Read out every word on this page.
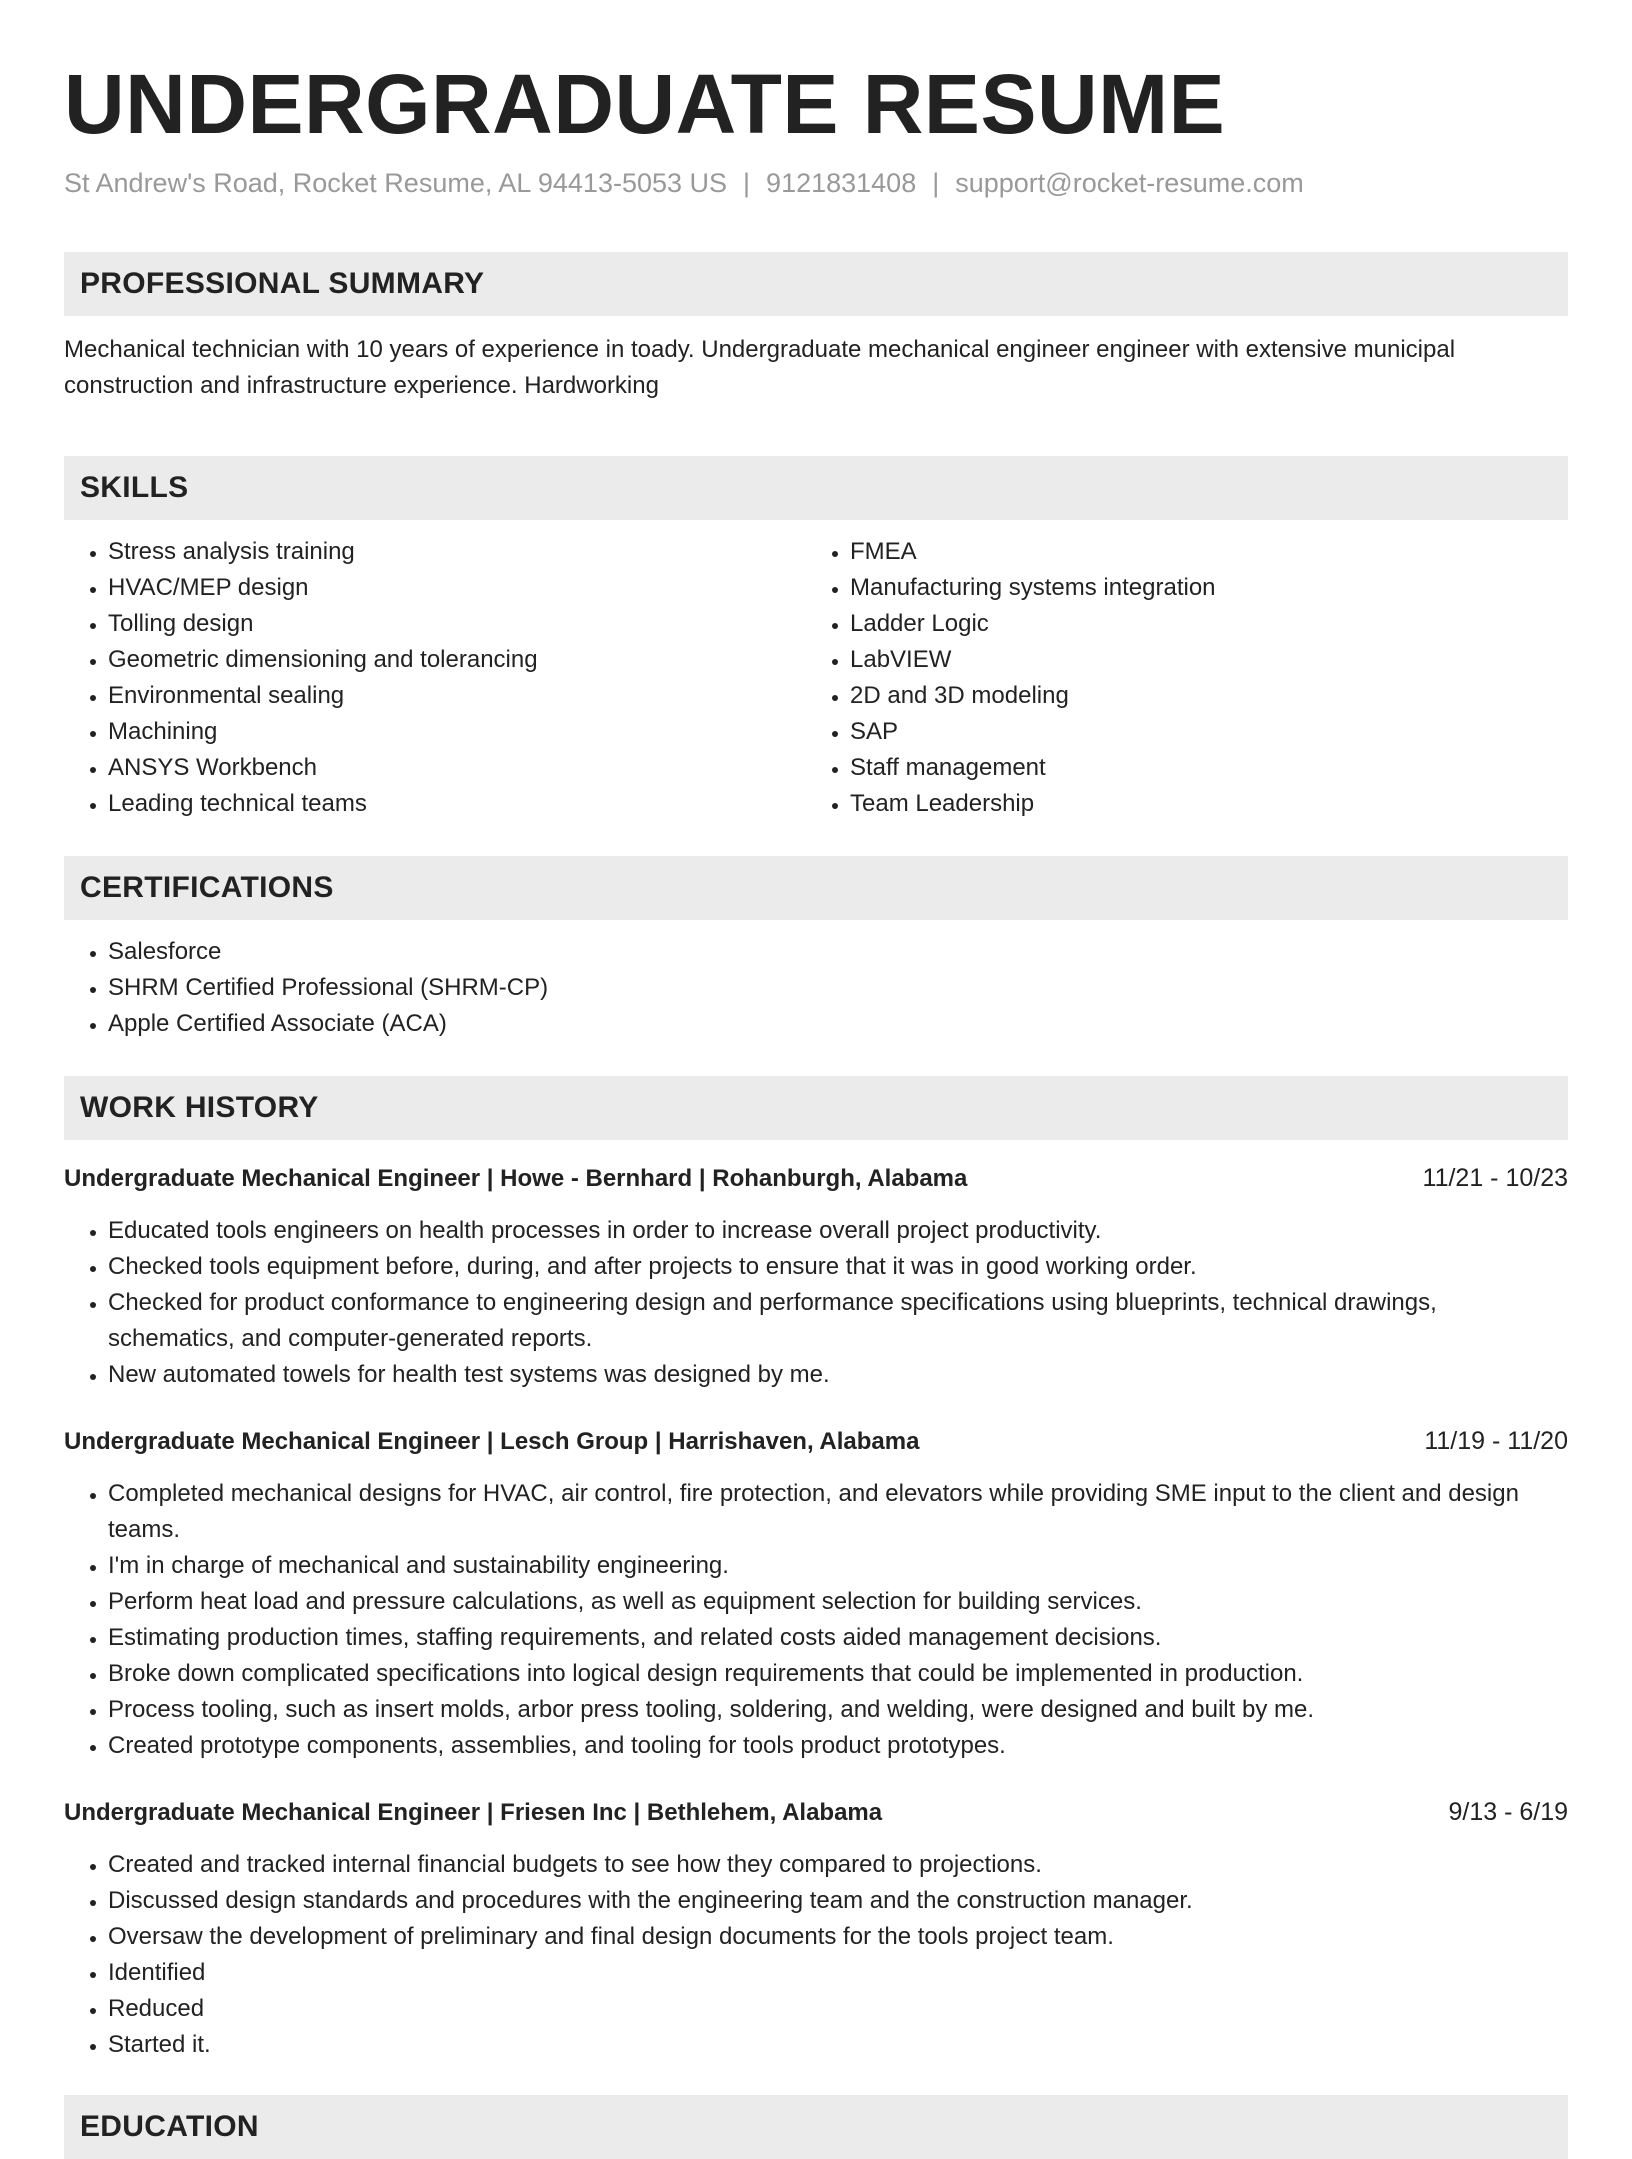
UNDERGRADUATE RESUME
St Andrew's Road, Rocket Resume, AL 94413-5053 US | 9121831408 | support@rocket-resume.com
PROFESSIONAL SUMMARY
Mechanical technician with 10 years of experience in toady. Undergraduate mechanical engineer engineer with extensive municipal construction and infrastructure experience. Hardworking
SKILLS
• Stress analysis training
• HVAC/MEP design
• Tolling design
• Geometric dimensioning and tolerancing
• Environmental sealing
• Machining
• ANSYS Workbench
• Leading technical teams
• FMEA
• Manufacturing systems integration
• Ladder Logic
• LabVIEW
• 2D and 3D modeling
• SAP
• Staff management
• Team Leadership
CERTIFICATIONS
• Salesforce
• SHRM Certified Professional (SHRM-CP)
• Apple Certified Associate (ACA)
WORK HISTORY
Undergraduate Mechanical Engineer | Howe - Bernhard | Rohanburgh, Alabama	11/21 - 10/23
• Educated tools engineers on health processes in order to increase overall project productivity.
• Checked tools equipment before, during, and after projects to ensure that it was in good working order.
• Checked for product conformance to engineering design and performance specifications using blueprints, technical drawings, schematics, and computer-generated reports.
• New automated towels for health test systems was designed by me.
Undergraduate Mechanical Engineer | Lesch Group | Harrishaven, Alabama	11/19 - 11/20
• Completed mechanical designs for HVAC, air control, fire protection, and elevators while providing SME input to the client and design teams.
• I'm in charge of mechanical and sustainability engineering.
• Perform heat load and pressure calculations, as well as equipment selection for building services.
• Estimating production times, staffing requirements, and related costs aided management decisions.
• Broke down complicated specifications into logical design requirements that could be implemented in production.
• Process tooling, such as insert molds, arbor press tooling, soldering, and welding, were designed and built by me.
• Created prototype components, assemblies, and tooling for tools product prototypes.
Undergraduate Mechanical Engineer | Friesen Inc | Bethlehem, Alabama	9/13 - 6/19
• Created and tracked internal financial budgets to see how they compared to projections.
• Discussed design standards and procedures with the engineering team and the construction manager.
• Oversaw the development of preliminary and final design documents for the tools project team.
• Identified
• Reduced
• Started it.
EDUCATION
